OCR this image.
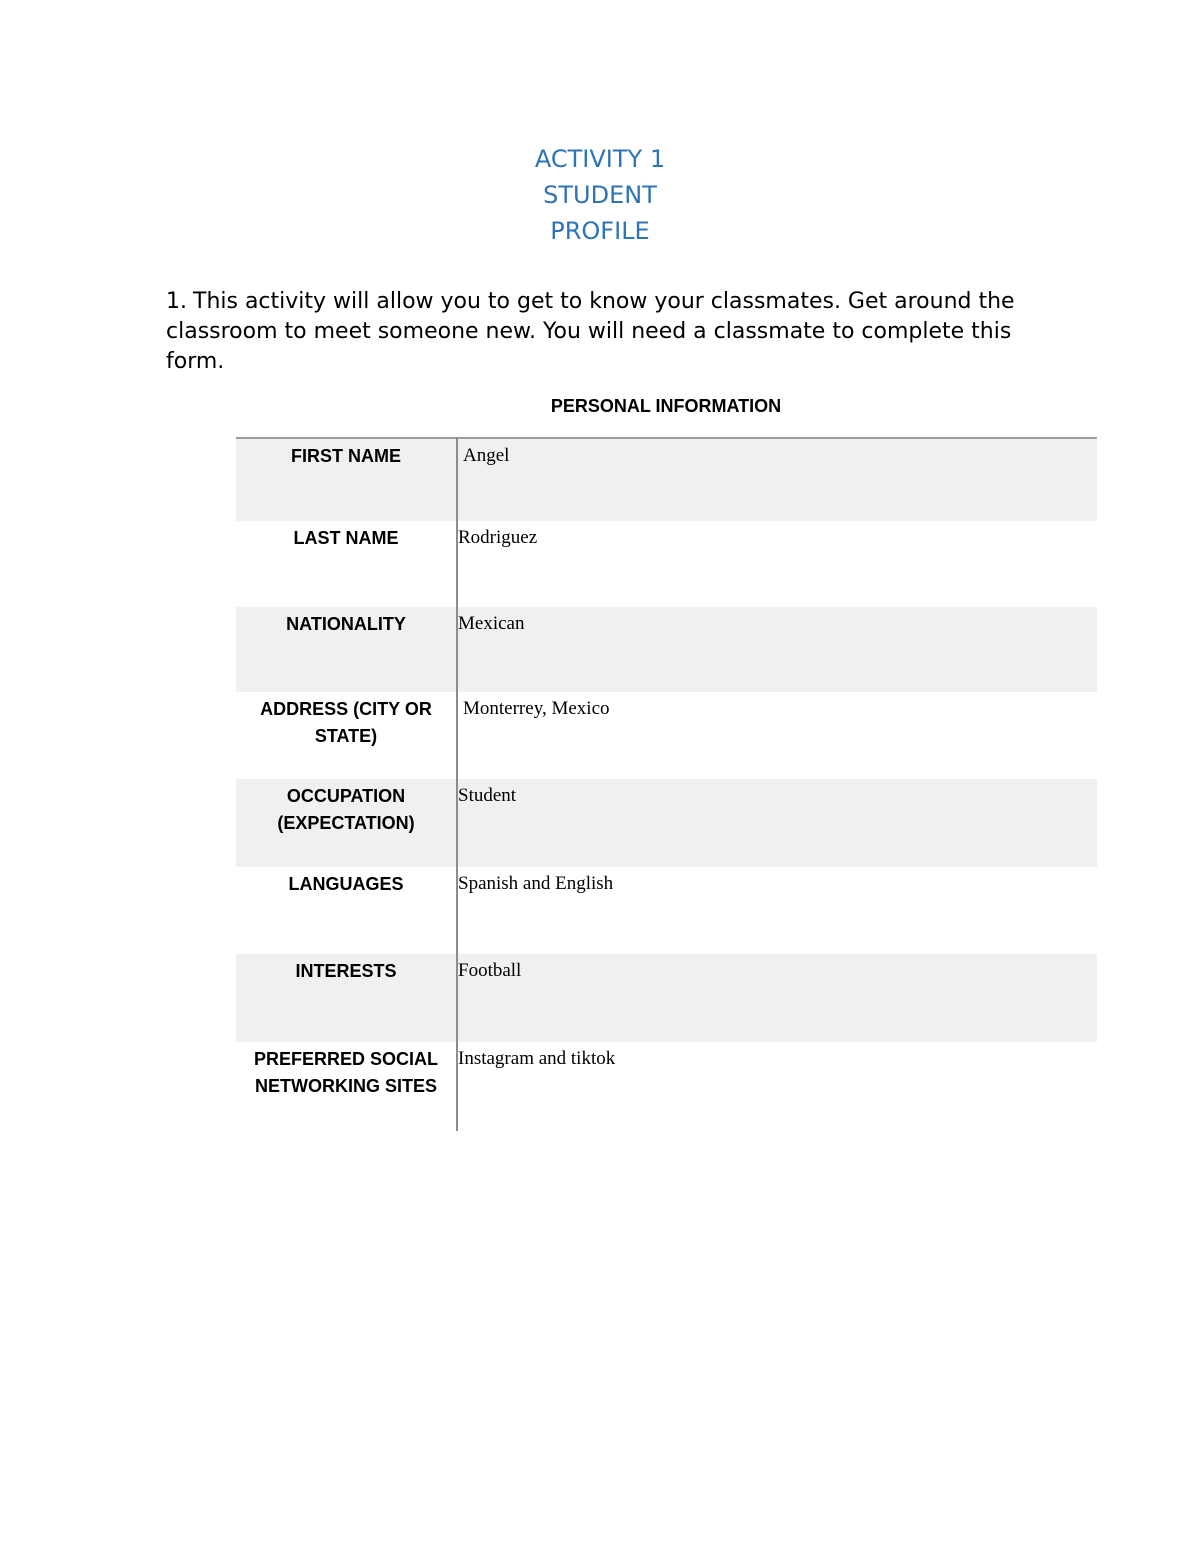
ACTIVITY 1
STUDENT
PROFILE
1. This activity will allow you to get to know your classmates. Get around the classroom to meet someone new. You will need a classmate to complete this form.
PERSONAL INFORMATION
FIRST NAME	Angel

LAST NAME	Rodriguez

NATIONALITY	Mexican

ADDRESS (CITY OR STATE)	Monterrey, Mexico

OCCUPATION (EXPECTATION)	Student

LANGUAGES	Spanish and English

INTERESTS	Football

PREFERRED SOCIAL NETWORKING SITES	Instagram and tiktok
